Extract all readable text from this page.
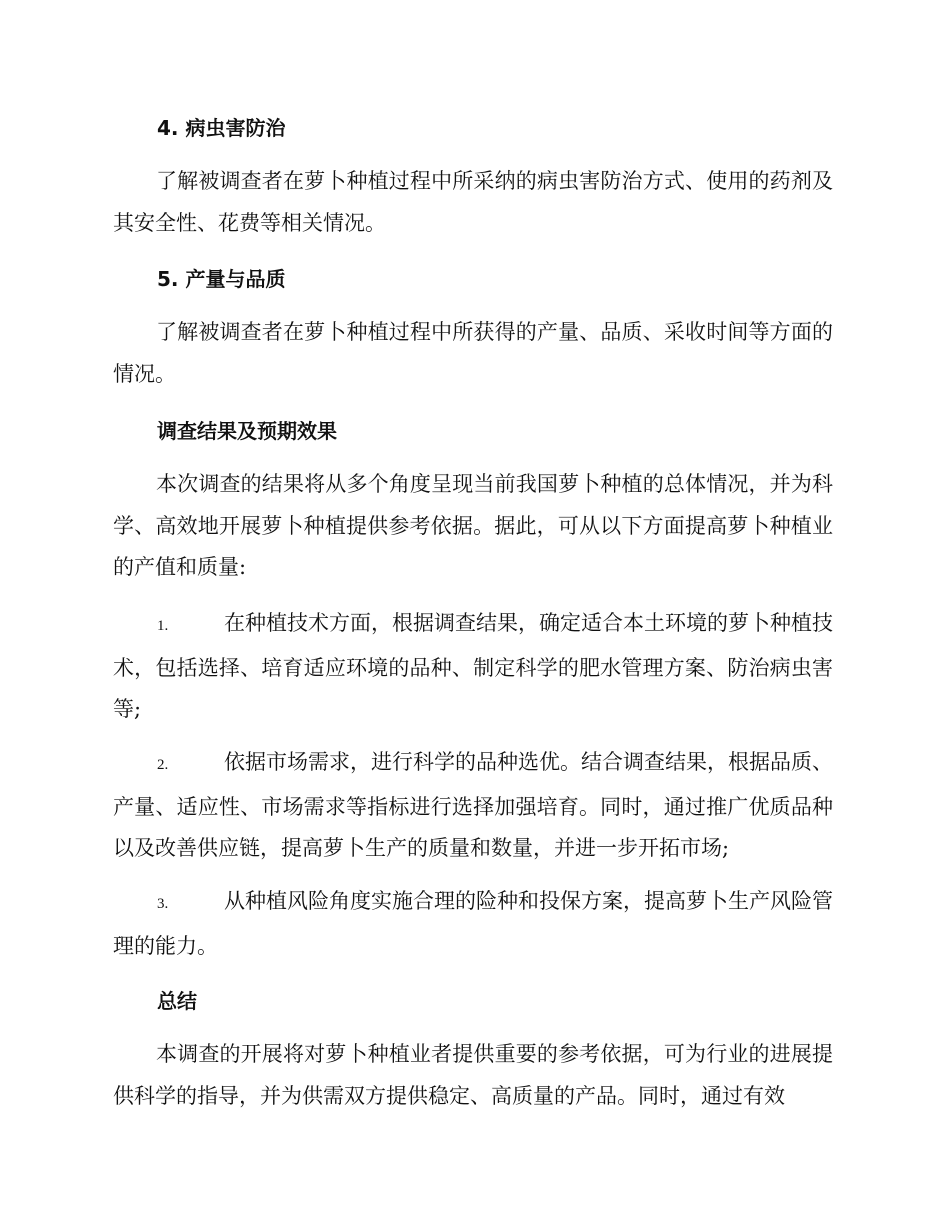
4. 病虫害防治

了解被调查者在萝卜种植过程中所采纳的病虫害防治方式、使用的药剂及其安全性、花费等相关情况。

5. 产量与品质

了解被调查者在萝卜种植过程中所获得的产量、品质、采收时间等方面的情况。

调查结果及预期效果

本次调查的结果将从多个角度呈现当前我国萝卜种植的总体情况，并为科学、高效地开展萝卜种植提供参考依据。据此，可从以下方面提高萝卜种植业的产值和质量:

1.	在种植技术方面，根据调查结果，确定适合本土环境的萝卜种植技术，包括选择、培育适应环境的品种、制定科学的肥水管理方案、防治病虫害等;

2.	依据市场需求，进行科学的品种选优。结合调查结果，根据品质、产量、适应性、市场需求等指标进行选择加强培育。同时，通过推广优质品种以及改善供应链，提高萝卜生产的质量和数量，并进一步开拓市场;

3.	从种植风险角度实施合理的险种和投保方案，提高萝卜生产风险管理的能力。

总结

本调查的开展将对萝卜种植业者提供重要的参考依据，可为行业的进展提供科学的指导，并为供需双方提供稳定、高质量的产品。同时，通过有效
